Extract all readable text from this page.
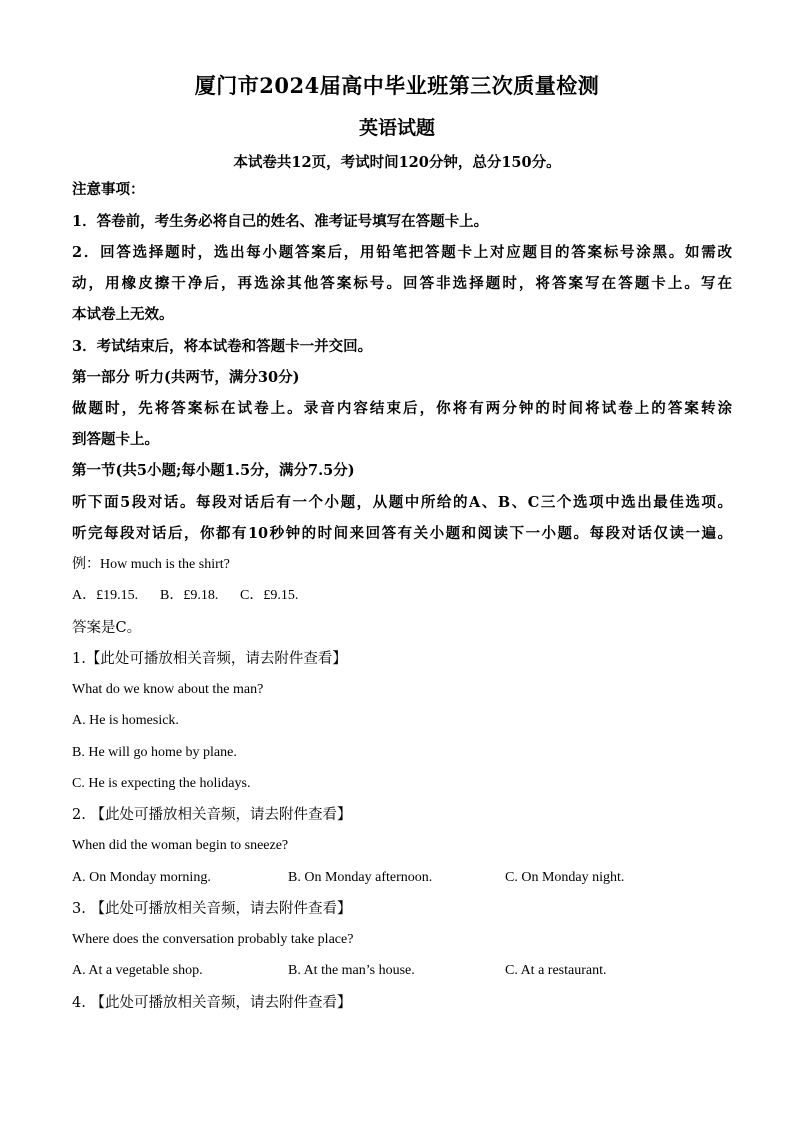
厦门市2024届高中毕业班第三次质量检测
英语试题
本试卷共12页，考试时间120分钟，总分150分。
注意事项：
1．答卷前，考生务必将自己的姓名、准考证号填写在答题卡上。
2．回答选择题时，选出每小题答案后，用铅笔把答题卡上对应题目的答案标号涂黑。如需改
动，用橡皮擦干净后，再选涂其他答案标号。回答非选择题时，将答案写在答题卡上。写在
本试卷上无效。
3．考试结束后，将本试卷和答题卡一并交回。
第一部分 听力(共两节，满分30分)
做题时，先将答案标在试卷上。录音内容结束后，你将有两分钟的时间将试卷上的答案转涂
到答题卡上。
第一节(共5小题;每小题1.5分，满分7.5分)
听下面5段对话。每段对话后有一个小题，从题中所给的A、B、C三个选项中选出最佳选项。
听完每段对话后，你都有10秒钟的时间来回答有关小题和阅读下一小题。每段对话仅读一遍。
例：How much is the shirt?
A．£19.15. B．£9.18. C．£9.15.
答案是C。
1.【此处可播放相关音频，请去附件查看】
What do we know about the man?
A. He is homesick.
B. He will go home by plane.
C. He is expecting the holidays.
2. 【此处可播放相关音频，请去附件查看】
When did the woman begin to sneeze?
A. On Monday morning.	B. On Monday afternoon.	C. On Monday night.
3. 【此处可播放相关音频，请去附件查看】
Where does the conversation probably take place?
A. At a vegetable shop.	B. At the man’s house.	C. At a restaurant.
4. 【此处可播放相关音频，请去附件查看】
